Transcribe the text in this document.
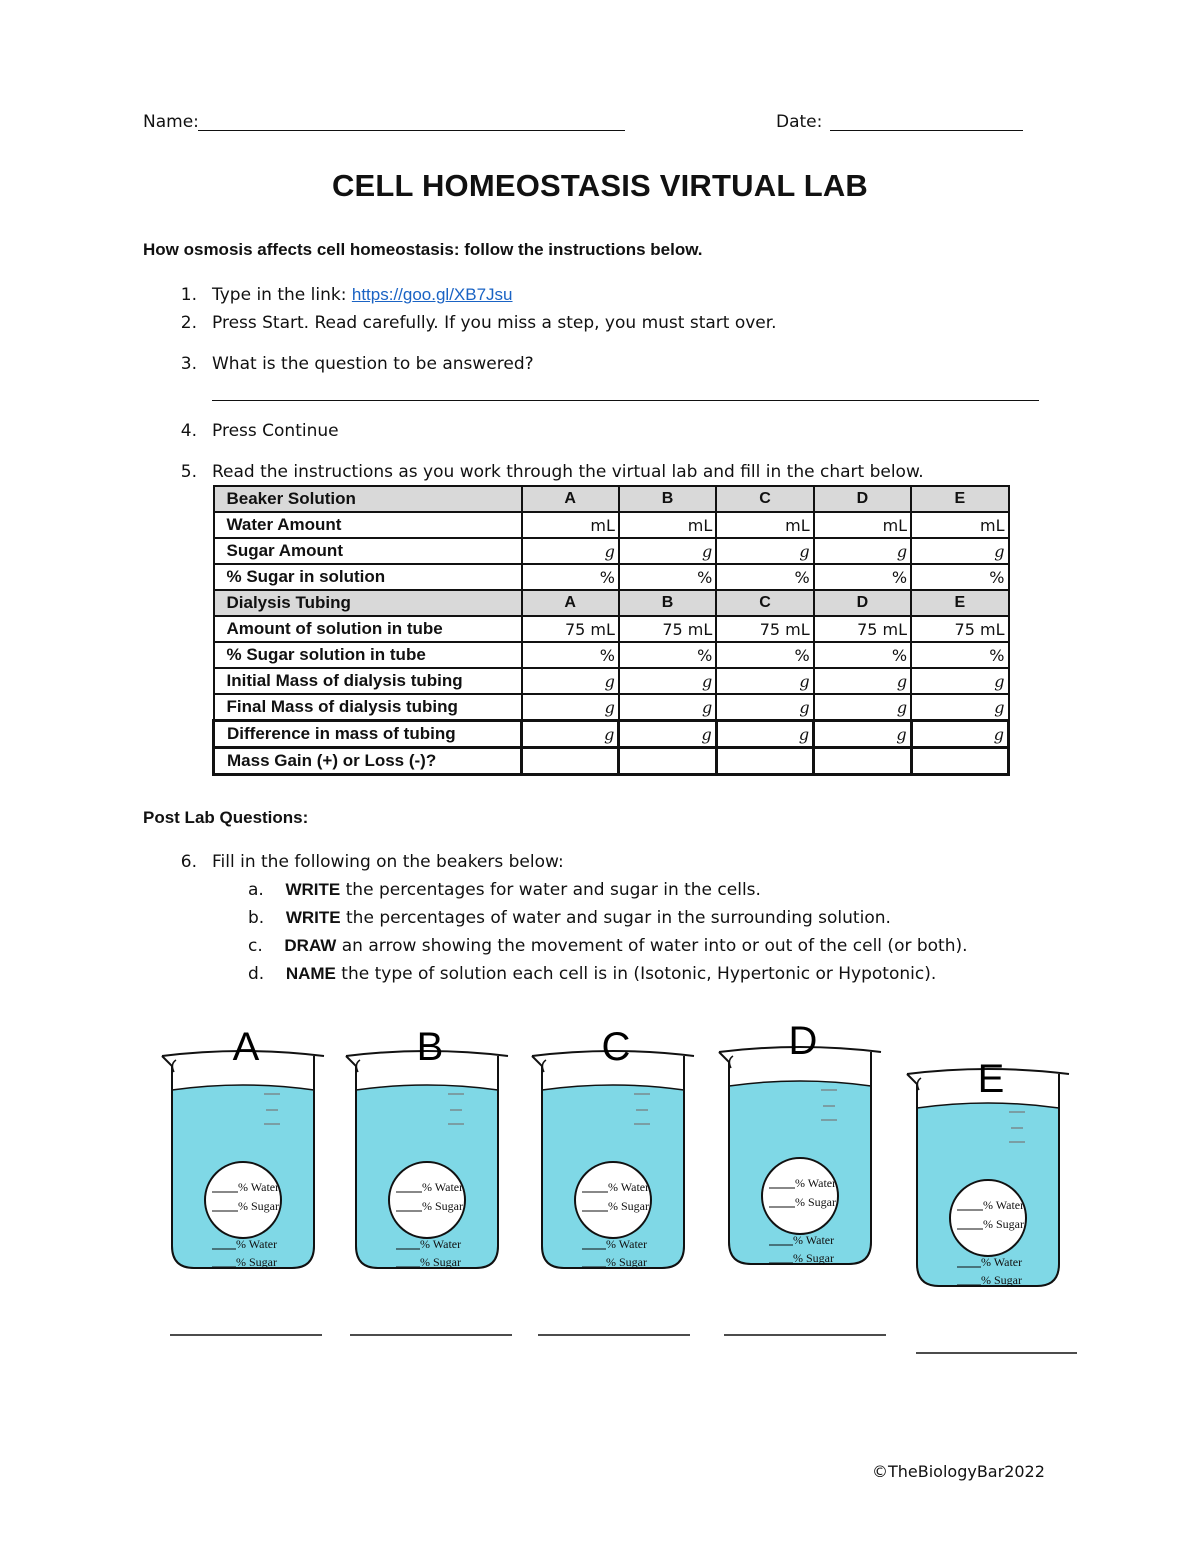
Name:	Date:
CELL HOMEOSTASIS VIRTUAL LAB
How osmosis affects cell homeostasis: follow the instructions below.
1. Type in the link: https://goo.gl/XB7Jsu
2. Press Start. Read carefully. If you miss a step, you must start over.
3. What is the question to be answered?
4. Press Continue
5. Read the instructions as you work through the virtual lab and fill in the chart below.
Beaker Solution	A	B	C	D	E
Water Amount	mL	mL	mL	mL	mL
Sugar Amount	g	g	g	g	g
% Sugar in solution	%	%	%	%	%
Dialysis Tubing	A	B	C	D	E
Amount of solution in tube	75 mL	75 mL	75 mL	75 mL	75 mL
% Sugar solution in tube	%	%	%	%	%
Initial Mass of dialysis tubing	g	g	g	g	g
Final Mass of dialysis tubing	g	g	g	g	g
Difference in mass of tubing	g	g	g	g	g
Mass Gain (+) or Loss (-)?					
Post Lab Questions:
6. Fill in the following on the beakers below:
a. WRITE the percentages for water and sugar in the cells.
b. WRITE the percentages of water and sugar in the surrounding solution.
c. DRAW an arrow showing the movement of water into or out of the cell (or both).
d. NAME the type of solution each cell is in (Isotonic, Hypertonic or Hypotonic).
A
% Water
% Sugar
% Water
% Sugar
B
% Water
% Sugar
% Water
% Sugar
C
% Water
% Sugar
% Water
% Sugar
D
% Water
% Sugar
% Water
% Sugar
E
% Water
% Sugar
% Water
% Sugar
©TheBiologyBar2022
